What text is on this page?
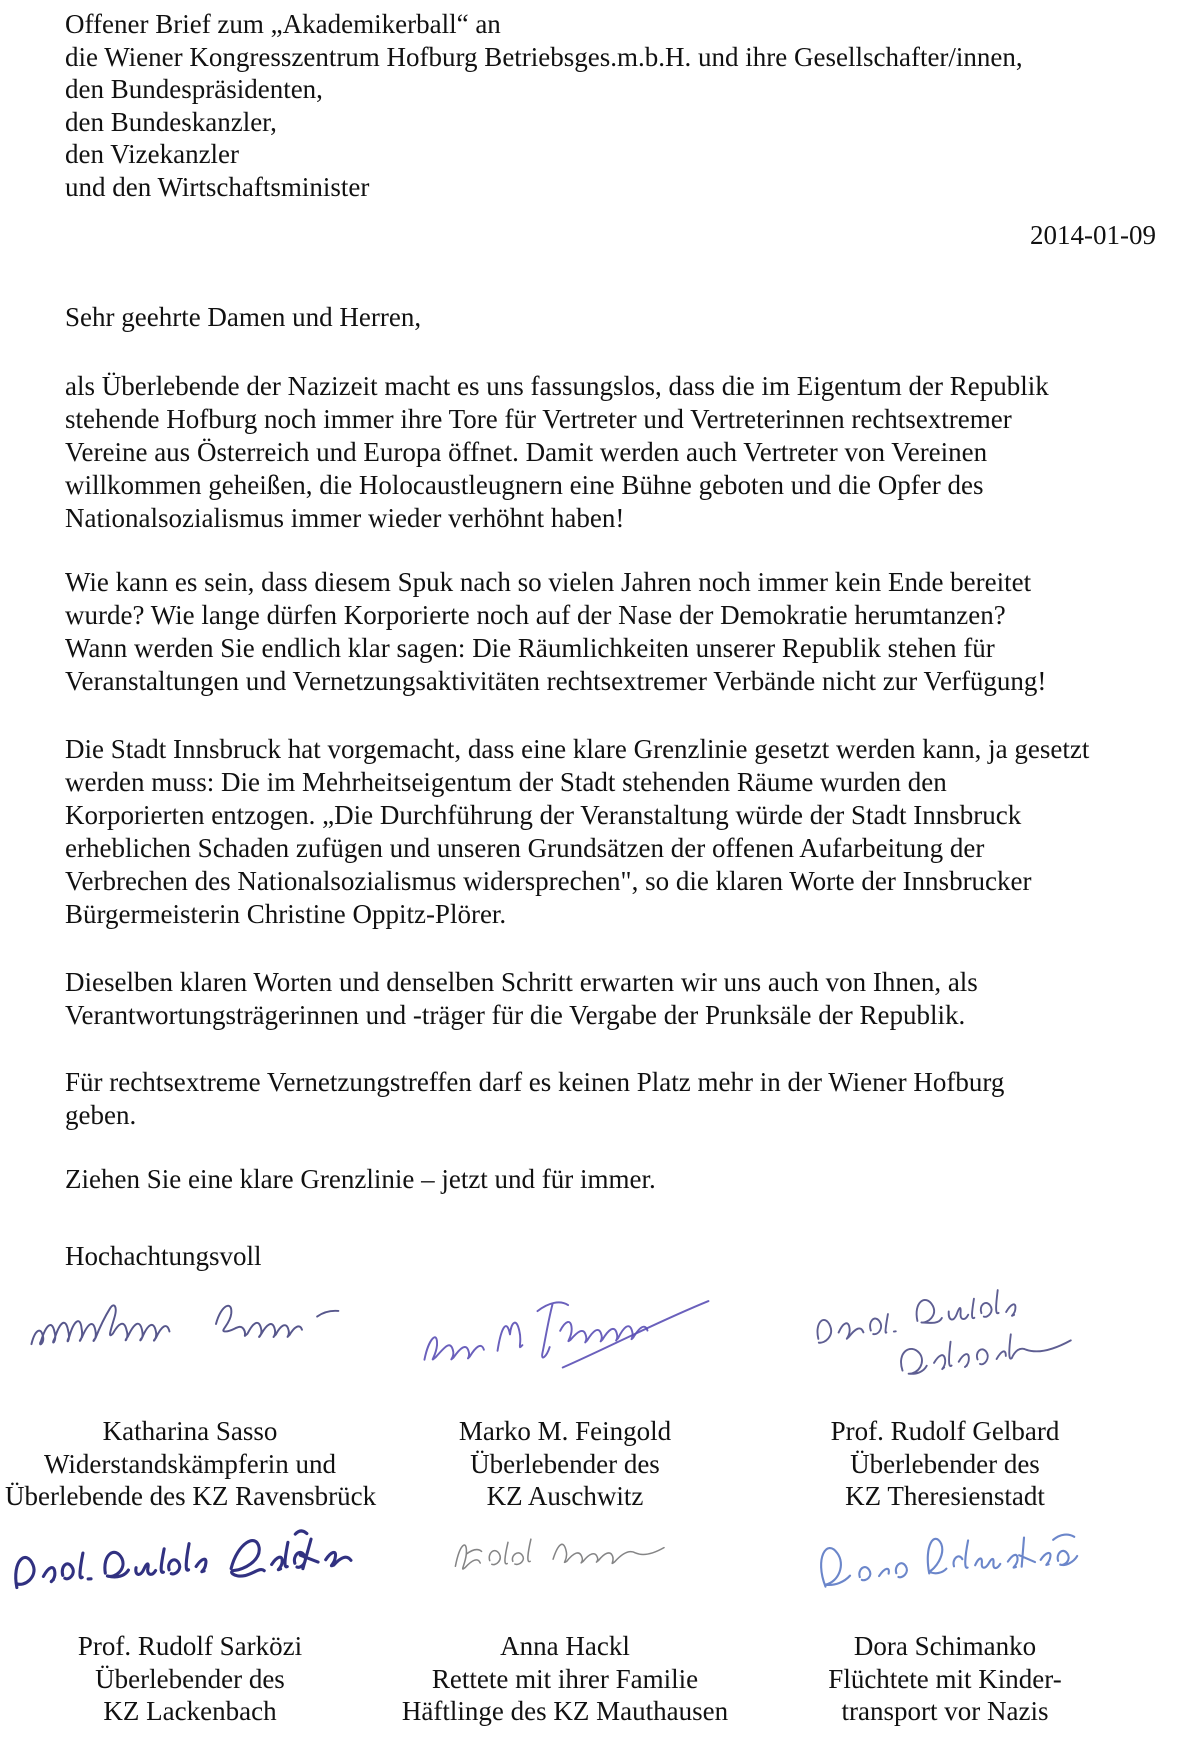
Offener Brief zum „Akademikerball“ an
die Wiener Kongresszentrum Hofburg Betriebsges.m.b.H. und ihre Gesellschafter/innen,
den Bundespräsidenten,
den Bundeskanzler,
den Vizekanzler
und den Wirtschaftsminister
2014-01-09
Sehr geehrte Damen und Herren,
als Überlebende der Nazizeit macht es uns fassungslos, dass die im Eigentum der Republik
stehende Hofburg noch immer ihre Tore für Vertreter und Vertreterinnen rechtsextremer
Vereine aus Österreich und Europa öffnet. Damit werden auch Vertreter von Vereinen
willkommen geheißen, die Holocaustleugnern eine Bühne geboten und die Opfer des
Nationalsozialismus immer wieder verhöhnt haben!
Wie kann es sein, dass diesem Spuk nach so vielen Jahren noch immer kein Ende bereitet
wurde? Wie lange dürfen Korporierte noch auf der Nase der Demokratie herumtanzen?
Wann werden Sie endlich klar sagen: Die Räumlichkeiten unserer Republik stehen für
Veranstaltungen und Vernetzungsaktivitäten rechtsextremer Verbände nicht zur Verfügung!
Die Stadt Innsbruck hat vorgemacht, dass eine klare Grenzlinie gesetzt werden kann, ja gesetzt
werden muss: Die im Mehrheitseigentum der Stadt stehenden Räume wurden den
Korporierten entzogen. „Die Durchführung der Veranstaltung würde der Stadt Innsbruck
erheblichen Schaden zufügen und unseren Grundsätzen der offenen Aufarbeitung der
Verbrechen des Nationalsozialismus widersprechen", so die klaren Worte der Innsbrucker
Bürgermeisterin Christine Oppitz-Plörer.
Dieselben klaren Worten und denselben Schritt erwarten wir uns auch von Ihnen, als
Verantwortungsträgerinnen und -träger für die Vergabe der Prunksäle der Republik.
Für rechtsextreme Vernetzungstreffen darf es keinen Platz mehr in der Wiener Hofburg
geben.
Ziehen Sie eine klare Grenzlinie – jetzt und für immer.
Hochachtungsvoll
Katharina Sasso
Widerstandskämpferin und
Überlebende des KZ Ravensbrück
Marko M. Feingold
Überlebender des
KZ Auschwitz
Prof. Rudolf Gelbard
Überlebender des
KZ Theresienstadt
Prof. Rudolf Sarközi
Überlebender des
KZ Lackenbach
Anna Hackl
Rettete mit ihrer Familie
Häftlinge des KZ Mauthausen
Dora Schimanko
Flüchtete mit Kinder-
transport vor Nazis
